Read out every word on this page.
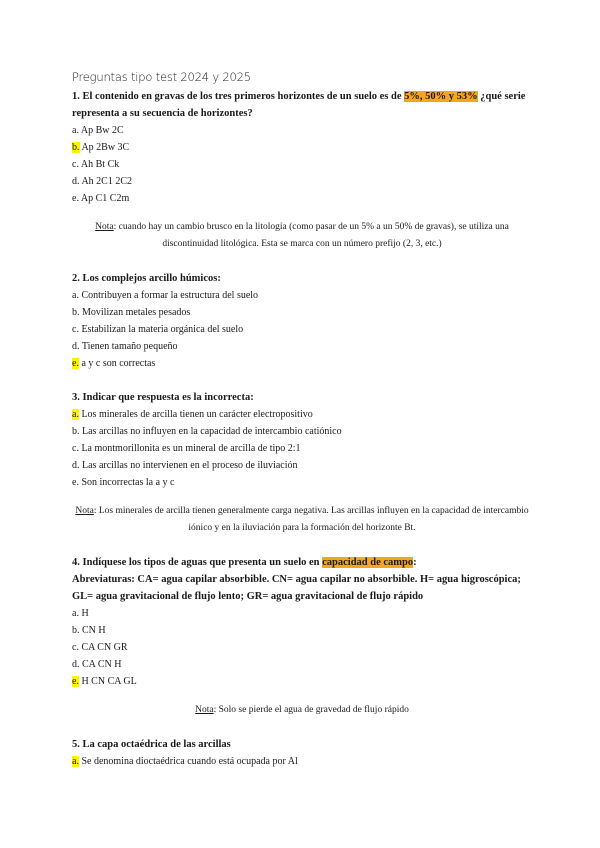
Preguntas tipo test 2024 y 2025

1. El contenido en gravas de los tres primeros horizontes de un suelo es de 5%, 50% y 53% ¿qué serie representa a su secuencia de horizontes?

a. Ap Bw 2C

b. Ap 2Bw 3C

c. Ah Bt Ck

d. Ah 2C1 2C2

e. Ap C1 C2m

Nota: cuando hay un cambio brusco en la litología (como pasar de un 5% a un 50% de gravas), se utiliza una discontinuidad litológica. Esta se marca con un número prefijo (2, 3, etc.)

2. Los complejos arcillo húmicos:

a. Contribuyen a formar la estructura del suelo

b. Movilizan metales pesados

c. Estabilizan la materia orgánica del suelo

d. Tienen tamaño pequeño

e. a y c son correctas

3. Indicar que respuesta es la incorrecta:

a. Los minerales de arcilla tienen un carácter electropositivo

b. Las arcillas no influyen en la capacidad de intercambio catiónico

c. La montmorillonita es un mineral de arcilla de tipo 2:1

d. Las arcillas no intervienen en el proceso de iluviación

e. Son incorrectas la a y c

Nota: Los minerales de arcilla tienen generalmente carga negativa. Las arcillas influyen en la capacidad de intercambio iónico y en la iluviación para la formación del horizonte Bt.

4. Indíquese los tipos de aguas que presenta un suelo en capacidad de campo:

Abreviaturas: CA= agua capilar absorbible. CN= agua capilar no absorbible. H= agua higroscópica; GL= agua gravitacional de flujo lento; GR= agua gravitacional de flujo rápido

a. H

b. CN H

c. CA CN GR

d. CA CN H

e. H CN CA GL

Nota: Solo se pierde el agua de gravedad de flujo rápido

5. La capa octaédrica de las arcillas

a. Se denomina dioctaédrica cuando está ocupada por Al
